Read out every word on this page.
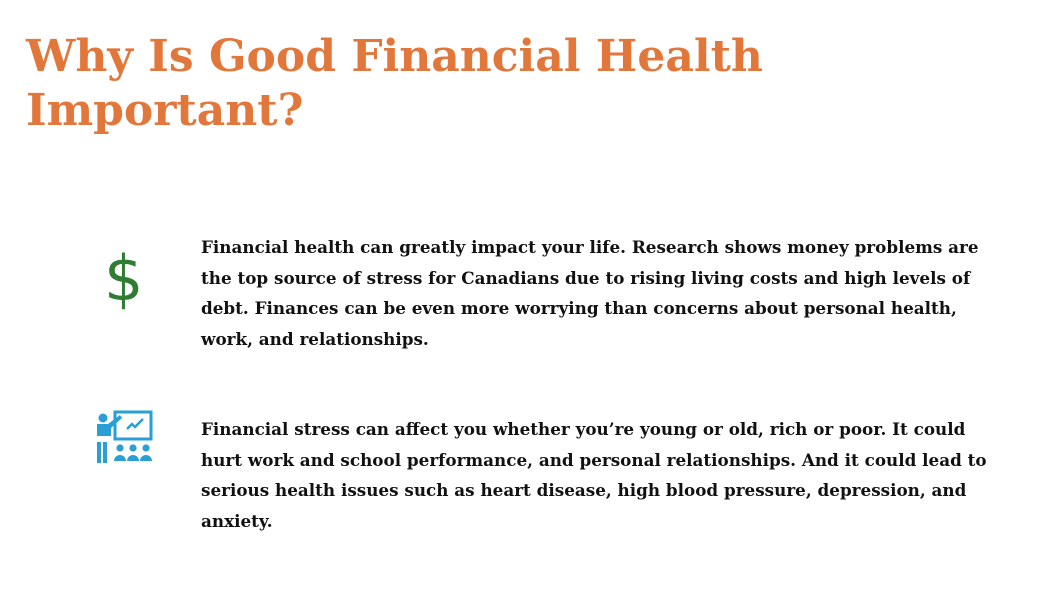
Why Is Good Financial Health Important?
$	Financial health can greatly impact your life. Research shows money problems are the top source of stress for Canadians due to rising living costs and high levels of debt. Finances can be even more worrying than concerns about personal health, work, and relationships.

Financial stress can affect you whether you’re young or old, rich or poor. It could hurt work and school performance, and personal relationships. And it could lead to serious health issues such as heart disease, high blood pressure, depression, and anxiety.
